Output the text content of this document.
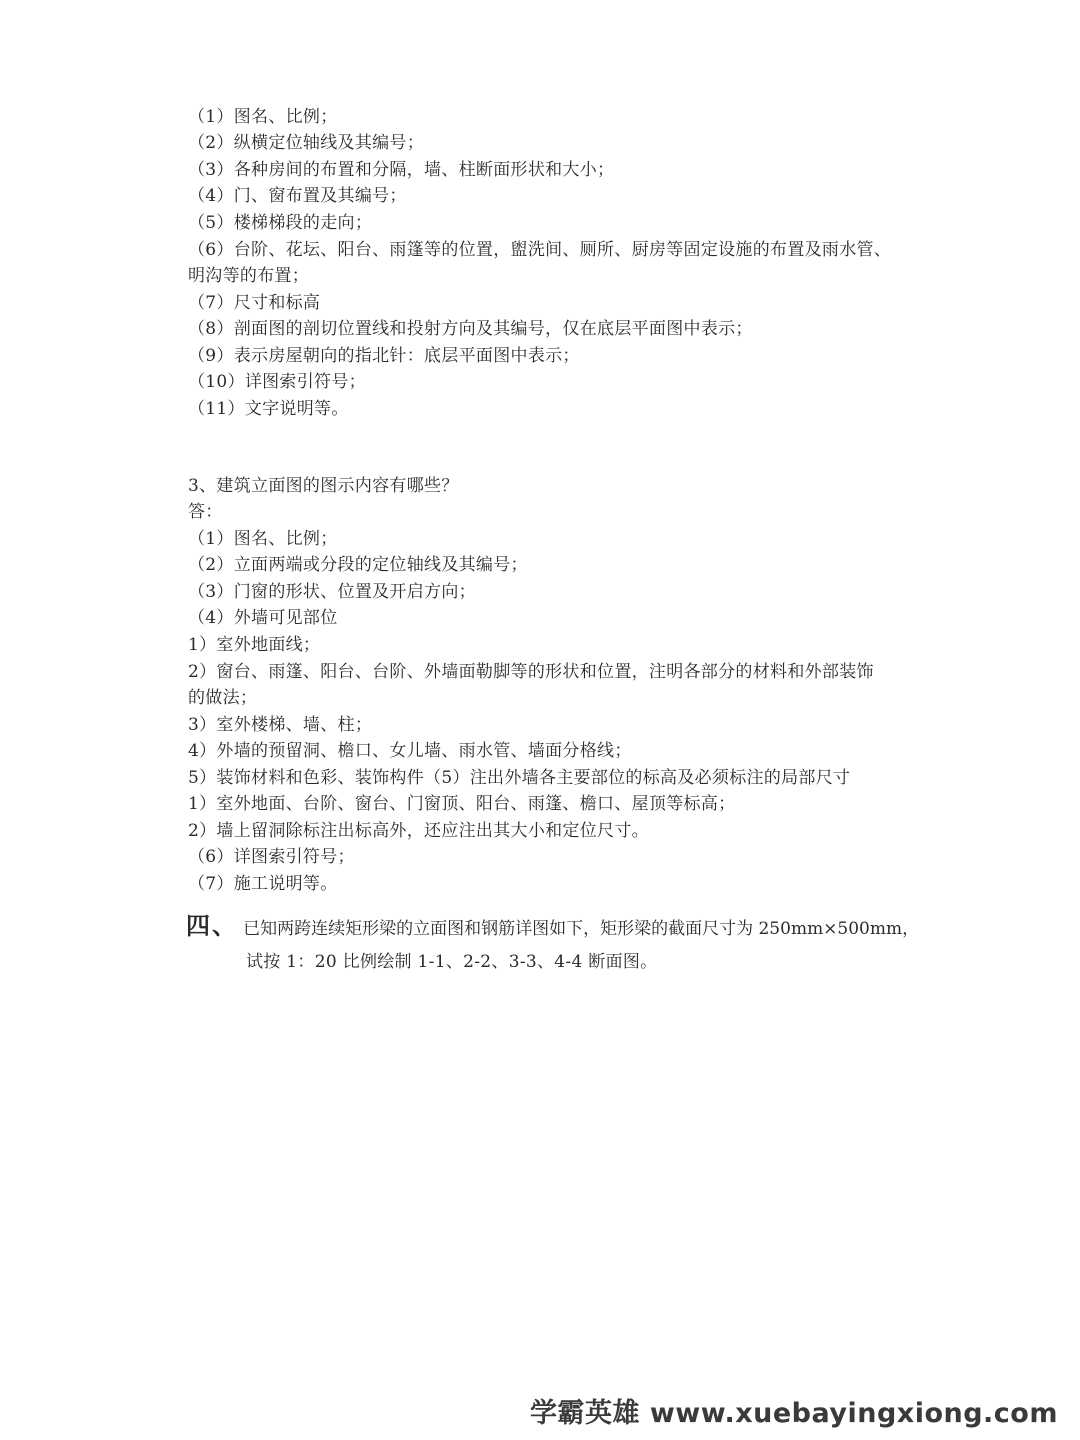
（1）图名、比例；
（2）纵横定位轴线及其编号；
（3）各种房间的布置和分隔，墙、柱断面形状和大小；
（4）门、窗布置及其编号；
（5）楼梯梯段的走向；
（6）台阶、花坛、阳台、雨篷等的位置，盥洗间、厕所、厨房等固定设施的布置及雨水管、
明沟等的布置；
（7）尺寸和标高
（8）剖面图的剖切位置线和投射方向及其编号，仅在底层平面图中表示；
（9）表示房屋朝向的指北针：底层平面图中表示；
（10）详图索引符号；
（11）文字说明等。
3、建筑立面图的图示内容有哪些？
答：
（1）图名、比例；
（2）立面两端或分段的定位轴线及其编号；
（3）门窗的形状、位置及开启方向；
（4）外墙可见部位
1）室外地面线；
2）窗台、雨篷、阳台、台阶、外墙面勒脚等的形状和位置，注明各部分的材料和外部装饰
的做法；
3）室外楼梯、墙、柱；
4）外墙的预留洞、檐口、女儿墙、雨水管、墙面分格线；
5）装饰材料和色彩、装饰构件（5）注出外墙各主要部位的标高及必须标注的局部尺寸
1）室外地面、台阶、窗台、门窗顶、阳台、雨篷、檐口、屋顶等标高；
2）墙上留洞除标注出标高外，还应注出其大小和定位尺寸。
（6）详图索引符号；
（7）施工说明等。
四、 已知两跨连续矩形梁的立面图和钢筋详图如下，矩形梁的截面尺寸为 250mm×500mm，
试按 1：20 比例绘制 1-1、2-2、3-3、4-4 断面图。
学霸英雄 www.xuebayingxiong.com
